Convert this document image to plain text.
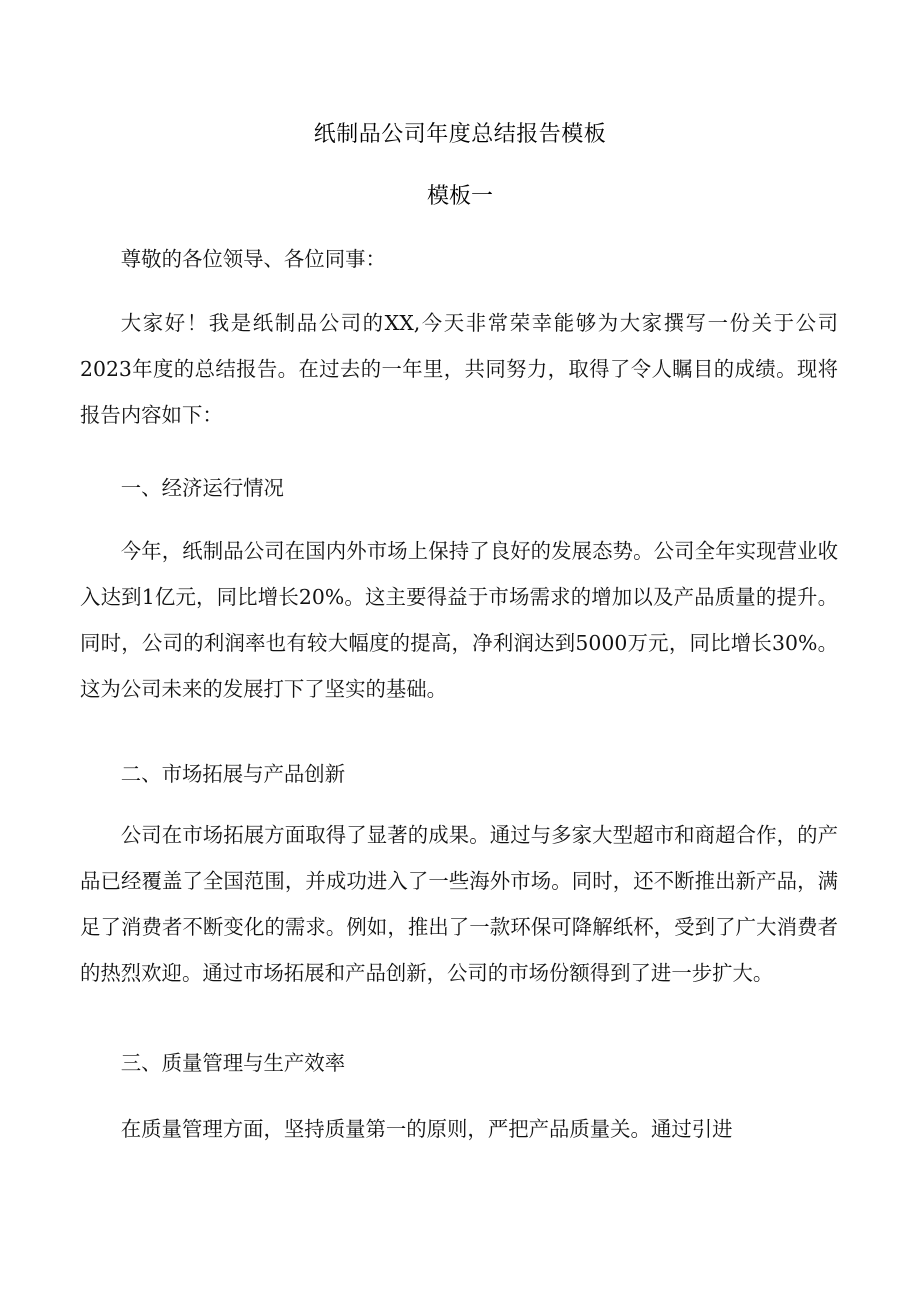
纸制品公司年度总结报告模板
模板一

尊敬的各位领导、各位同事：

大家好！我是纸制品公司的XX,今天非常荣幸能够为大家撰写一份关于公司2023年度的总结报告。在过去的一年里，共同努力，取得了令人瞩目的成绩。现将报告内容如下：

一、经济运行情况

今年，纸制品公司在国内外市场上保持了良好的发展态势。公司全年实现营业收入达到1亿元，同比增长20%。这主要得益于市场需求的增加以及产品质量的提升。同时，公司的利润率也有较大幅度的提高，净利润达到5000万元，同比增长30%。这为公司未来的发展打下了坚实的基础。

二、市场拓展与产品创新

公司在市场拓展方面取得了显著的成果。通过与多家大型超市和商超合作，的产品已经覆盖了全国范围，并成功进入了一些海外市场。同时，还不断推出新产品，满足了消费者不断变化的需求。例如，推出了一款环保可降解纸杯，受到了广大消费者的热烈欢迎。通过市场拓展和产品创新，公司的市场份额得到了进一步扩大。

三、质量管理与生产效率

在质量管理方面，坚持质量第一的原则，严把产品质量关。通过引进
